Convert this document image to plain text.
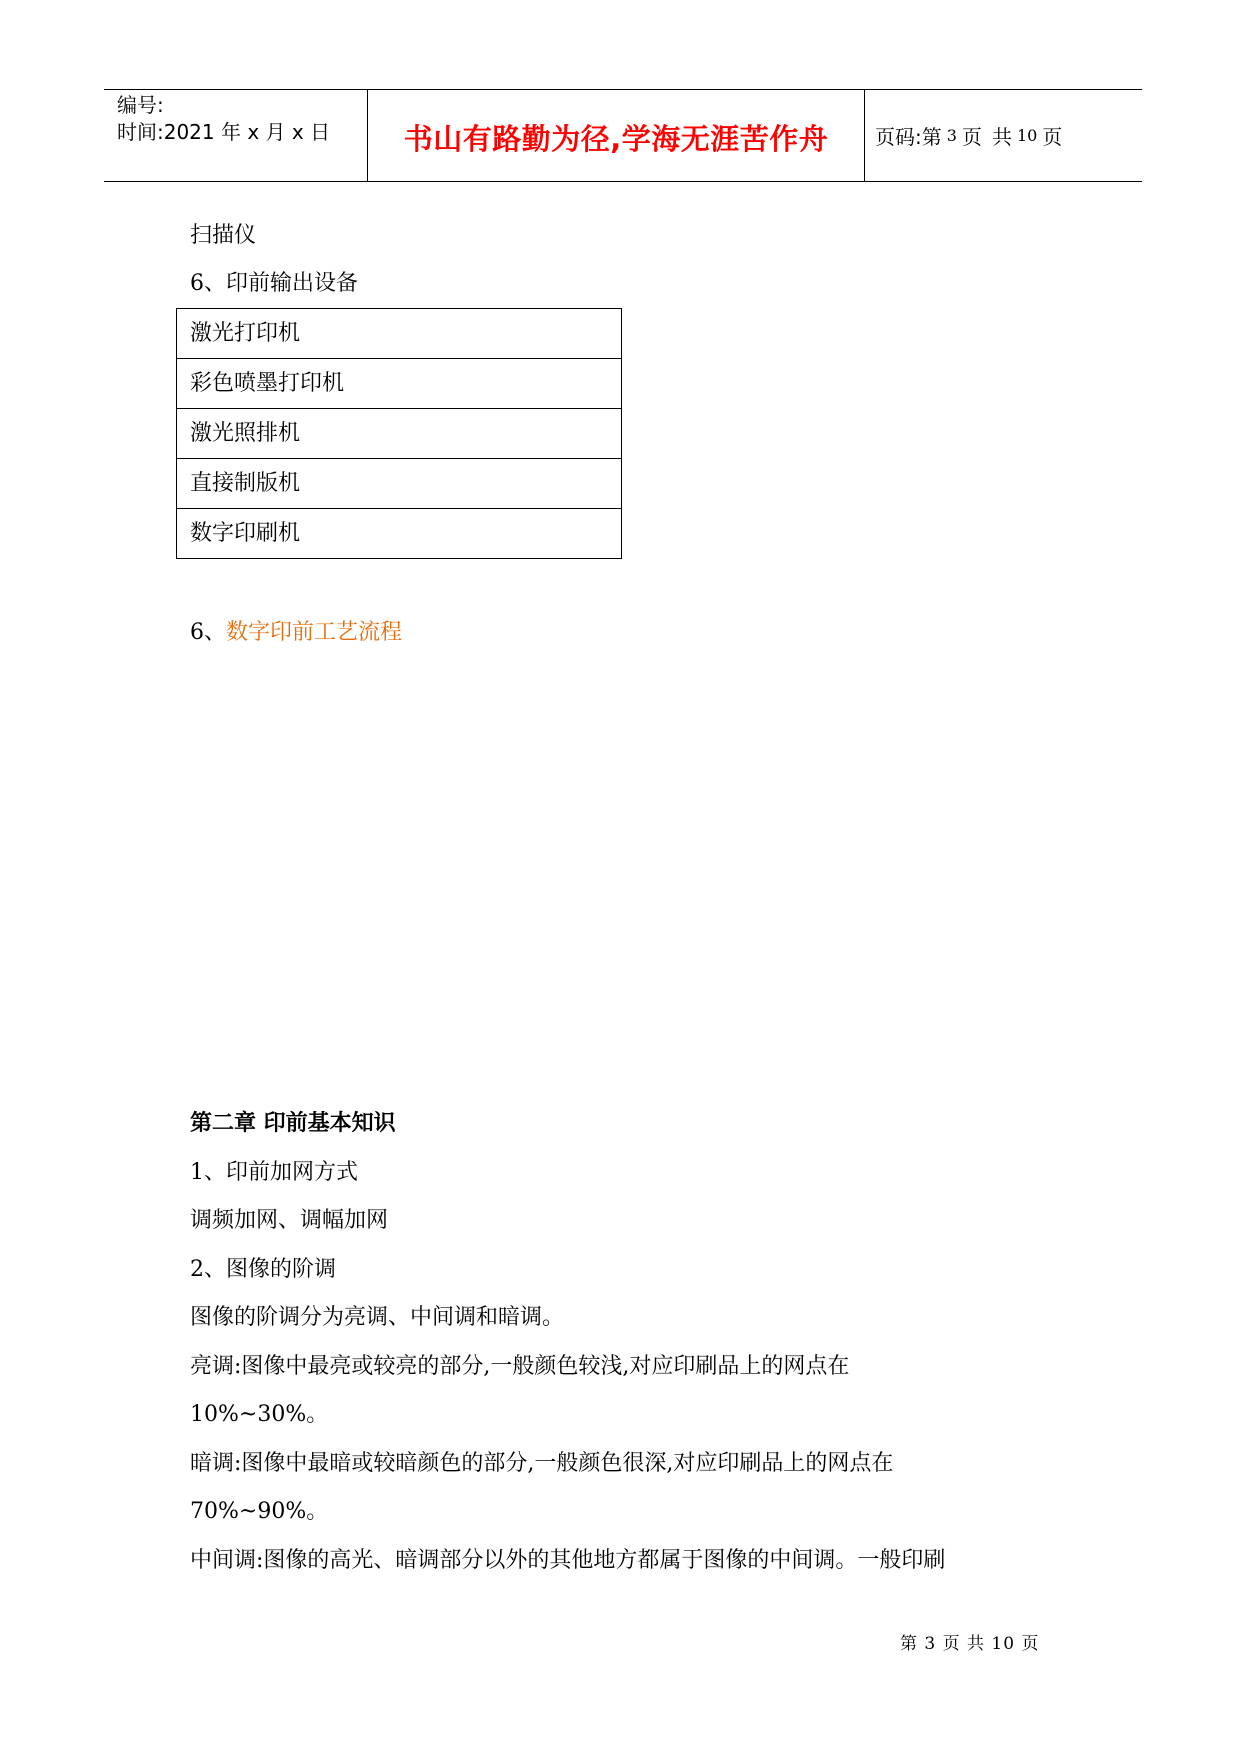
编号:
时间:2021 年 x 月 x 日	书山有路勤为径,学海无涯苦作舟 页码:第 3 页 共 10 页
扫描仪
6、印前输出设备
激光打印机
彩色喷墨打印机
激光照排机
直接制版机
数字印刷机
6、数字印前工艺流程
第二章 印前基本知识
1、印前加网方式
调频加网、调幅加网
2、图像的阶调
图像的阶调分为亮调、中间调和暗调。
亮调:图像中最亮或较亮的部分,一般颜色较浅,对应印刷品上的网点在
10%~30%。
暗调:图像中最暗或较暗颜色的部分,一般颜色很深,对应印刷品上的网点在
70%~90%。
中间调:图像的高光、暗调部分以外的其他地方都属于图像的中间调。一般印刷
第 3 页 共 10 页
